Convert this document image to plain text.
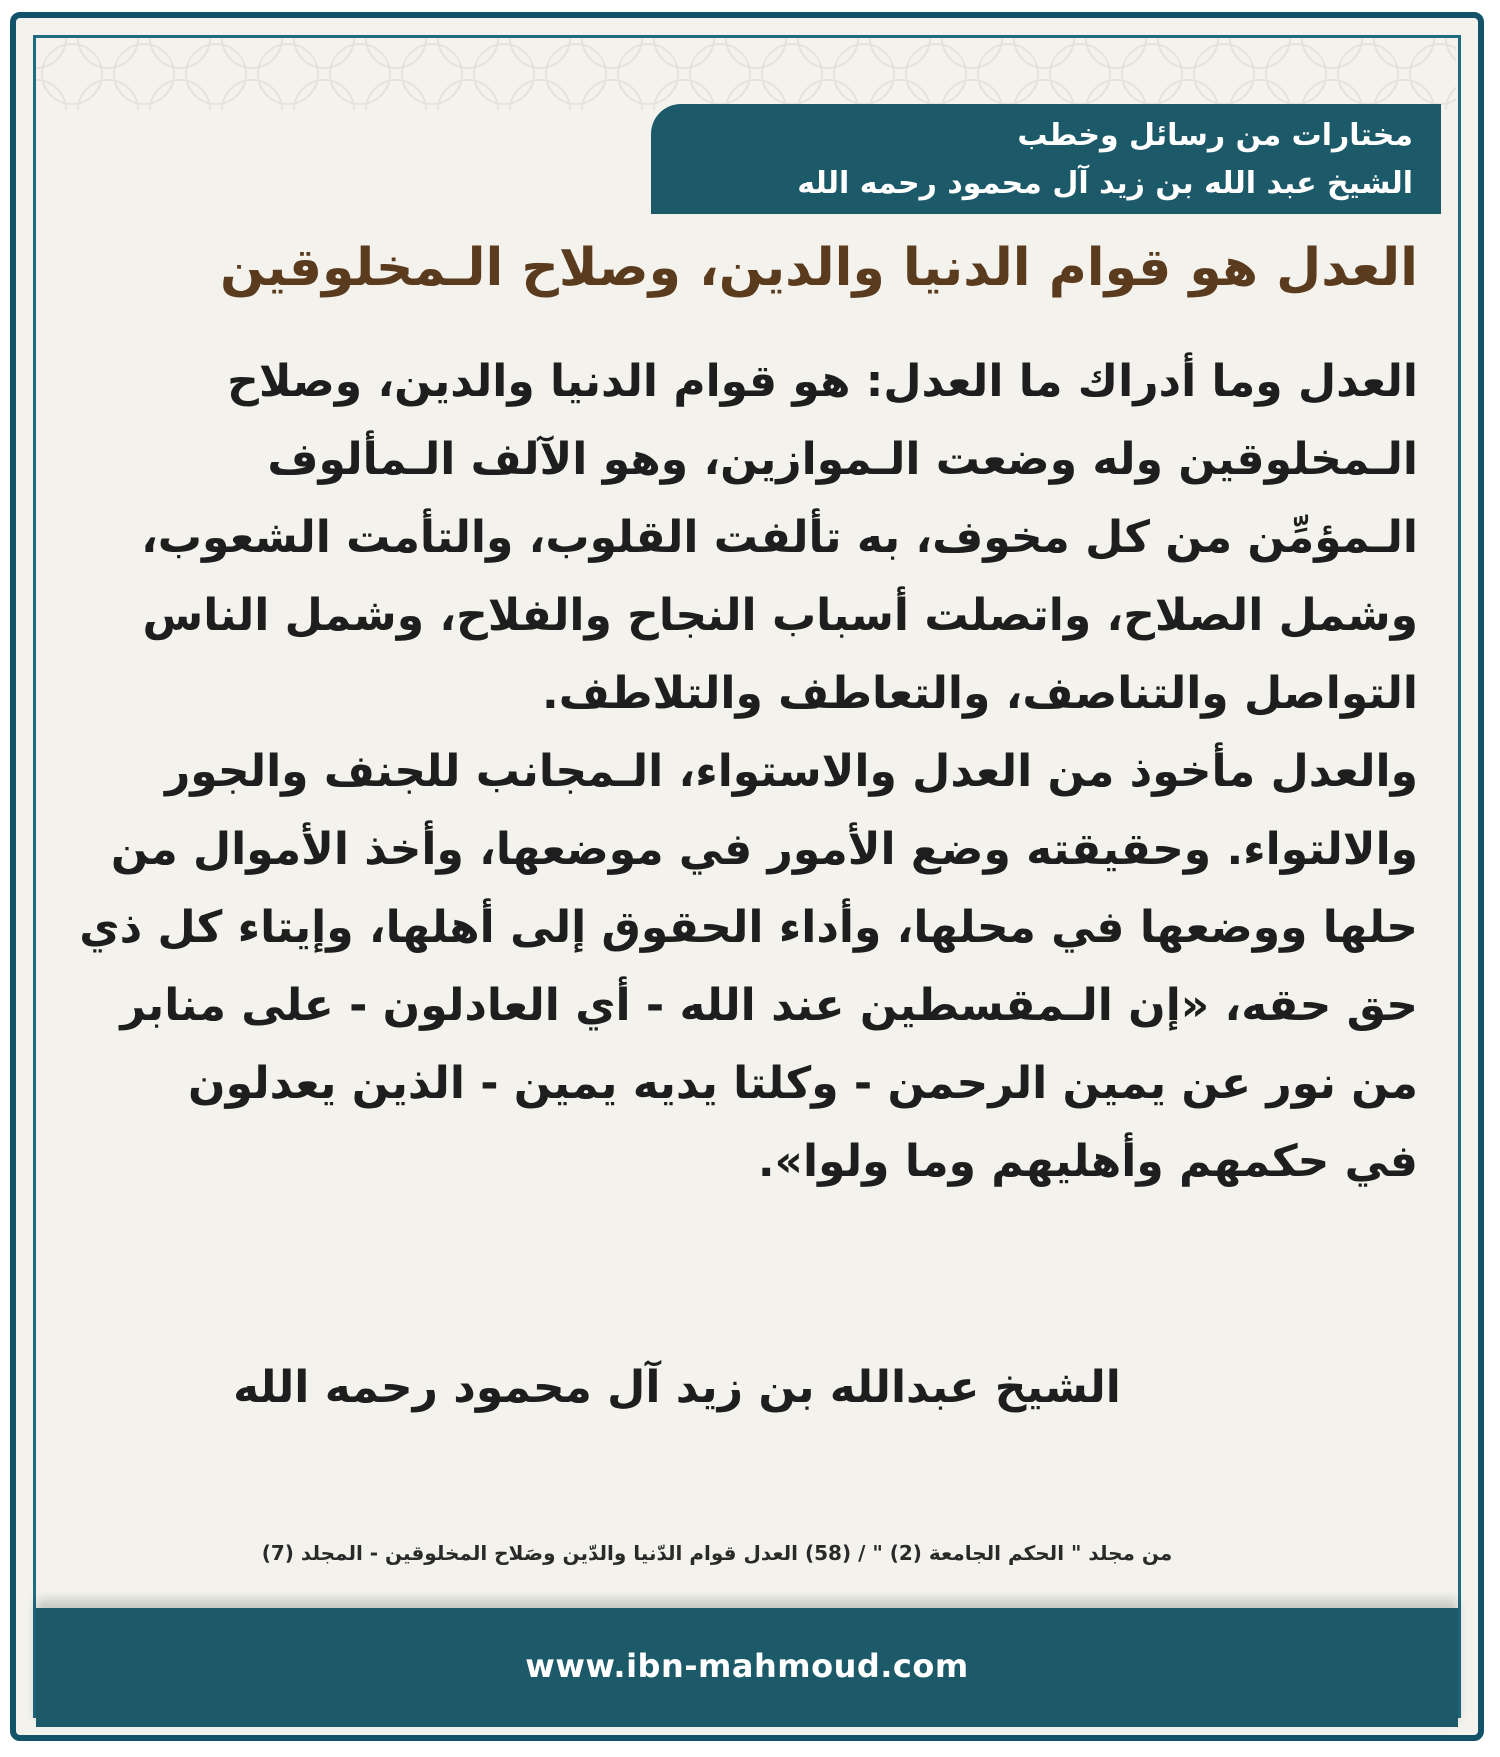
مختارات من رسائل وخطب
الشيخ عبد الله بن زيد آل محمود رحمه الله
العدل هو قوام الدنيا والدين، وصلاح الـمخلوقين
العدل وما أدراك ما العدل: هو قوام الدنيا والدين، وصلاح
الـمخلوقين وله وضعت الـموازين، وهو الآلف الـمألوف
الـمؤمِّن من كل مخوف، به تألفت القلوب، والتأمت الشعوب،
وشمل الصلاح، واتصلت أسباب النجاح والفلاح، وشمل الناس
التواصل والتناصف، والتعاطف والتلاطف.
والعدل مأخوذ من العدل والاستواء، الـمجانب للجنف والجور
والالتواء. وحقيقته وضع الأمور في موضعها، وأخذ الأموال من
حلها ووضعها في محلها، وأداء الحقوق إلى أهلها، وإيتاء كل ذي
حق حقه، «إن الـمقسطين عند الله - أي العادلون - على منابر
من نور عن يمين الرحمن - وكلتا يديه يمين - الذين يعدلون
في حكمهم وأهليهم وما ولوا».
الشيخ عبدالله بن زيد آل محمود رحمه الله
من مجلد " الحكم الجامعة (2) " / (58) العدل قوام الدّنيا والدّين وصَلاح المخلوقين - المجلد (7)
www.ibn-mahmoud.com
